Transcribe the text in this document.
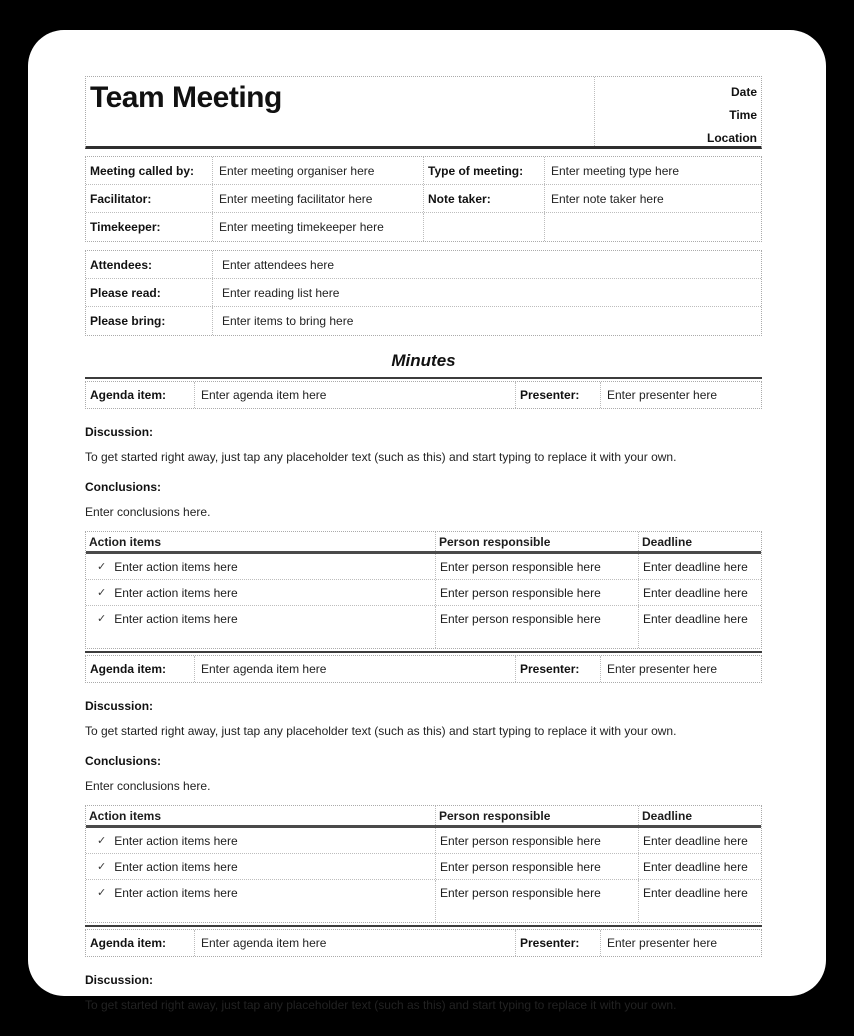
Team Meeting	Date
Time
Location
Meeting called by:	Enter meeting organiser here	Type of meeting:	Enter meeting type here
Facilitator:	Enter meeting facilitator here	Note taker:	Enter note taker here
Timekeeper:	Enter meeting timekeeper here
Attendees:	Enter attendees here
Please read:	Enter reading list here
Please bring:	Enter items to bring here
Minutes
Agenda item:	Enter agenda item here	Presenter:	Enter presenter here
Discussion:
To get started right away, just tap any placeholder text (such as this) and start typing to replace it with your own.
Conclusions:
Enter conclusions here.
Action items	Person responsible	Deadline
✓ Enter action items here	Enter person responsible here	Enter deadline here
✓ Enter action items here	Enter person responsible here	Enter deadline here
✓ Enter action items here	Enter person responsible here	Enter deadline here
Agenda item:	Enter agenda item here	Presenter:	Enter presenter here
Discussion:
To get started right away, just tap any placeholder text (such as this) and start typing to replace it with your own.
Conclusions:
Enter conclusions here.
Action items	Person responsible	Deadline
✓ Enter action items here	Enter person responsible here	Enter deadline here
✓ Enter action items here	Enter person responsible here	Enter deadline here
✓ Enter action items here	Enter person responsible here	Enter deadline here
Agenda item:	Enter agenda item here	Presenter:	Enter presenter here
Discussion:
To get started right away, just tap any placeholder text (such as this) and start typing to replace it with your own.
